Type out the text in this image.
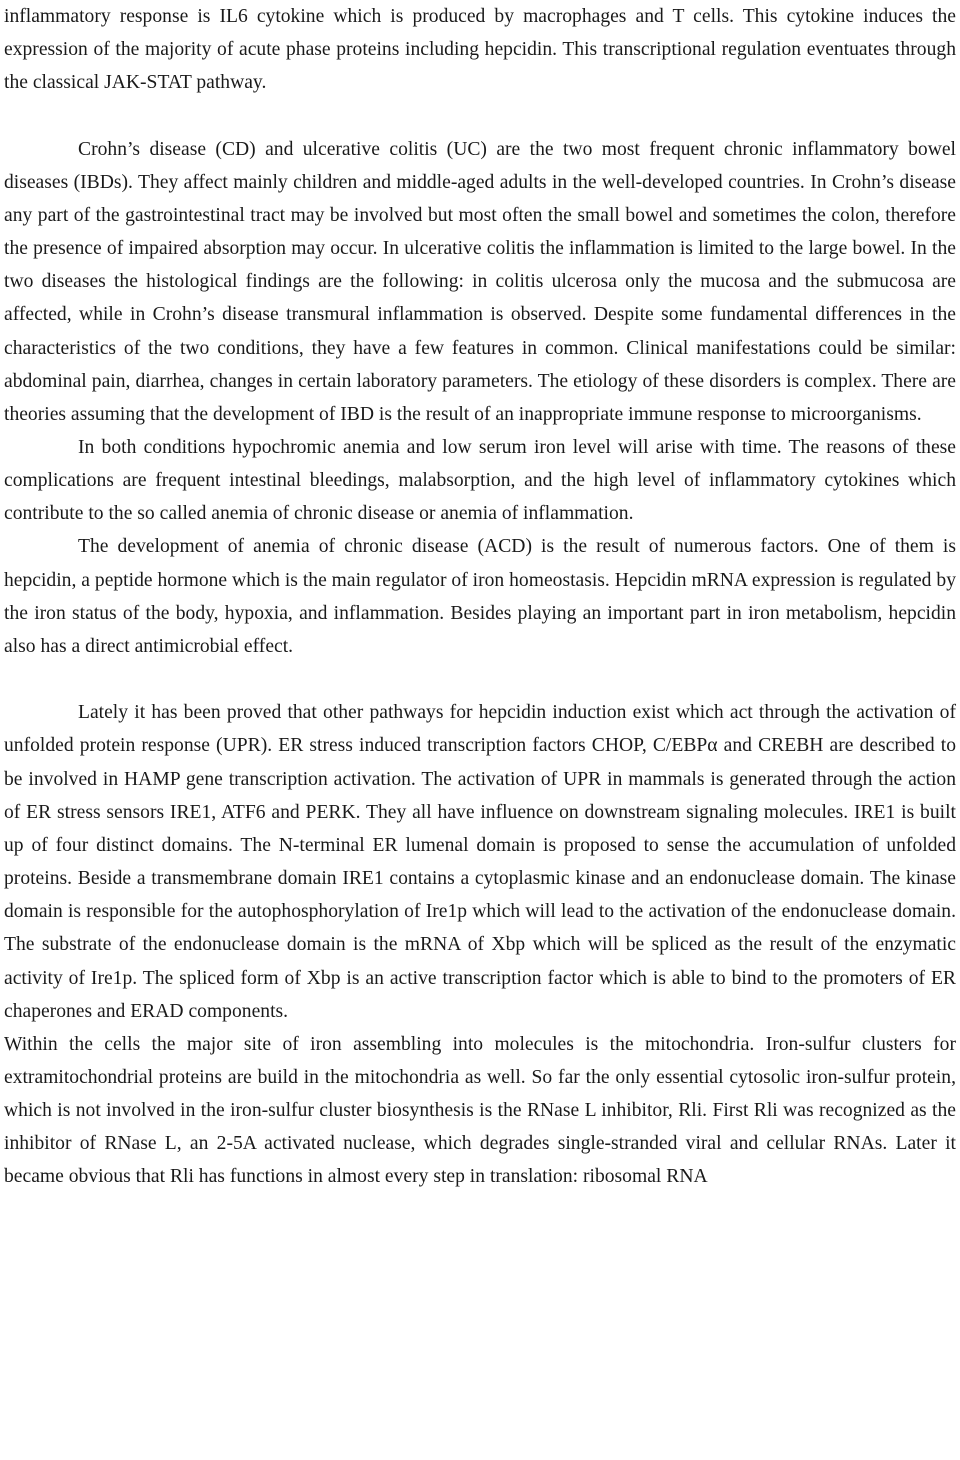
inflammatory response is IL6 cytokine which is produced by macrophages and T cells. This cytokine induces the expression of the majority of acute phase proteins including hepcidin. This transcriptional regulation eventuates through the classical JAK-STAT pathway.

Crohn’s disease (CD) and ulcerative colitis (UC) are the two most frequent chronic inflammatory bowel diseases (IBDs). They affect mainly children and middle-aged adults in the well-developed countries. In Crohn’s disease any part of the gastrointestinal tract may be involved but most often the small bowel and sometimes the colon, therefore the presence of impaired absorption may occur. In ulcerative colitis the inflammation is limited to the large bowel. In the two diseases the histological findings are the following: in colitis ulcerosa only the mucosa and the submucosa are affected, while in Crohn’s disease transmural inflammation is observed. Despite some fundamental differences in the characteristics of the two conditions, they have a few features in common. Clinical manifestations could be similar: abdominal pain, diarrhea, changes in certain laboratory parameters. The etiology of these disorders is complex. There are theories assuming that the development of IBD is the result of an inappropriate immune response to microorganisms.

In both conditions hypochromic anemia and low serum iron level will arise with time. The reasons of these complications are frequent intestinal bleedings, malabsorption, and the high level of inflammatory cytokines which contribute to the so called anemia of chronic disease or anemia of inflammation.

The development of anemia of chronic disease (ACD) is the result of numerous factors. One of them is hepcidin, a peptide hormone which is the main regulator of iron homeostasis. Hepcidin mRNA expression is regulated by the iron status of the body, hypoxia, and inflammation. Besides playing an important part in iron metabolism, hepcidin also has a direct antimicrobial effect.

Lately it has been proved that other pathways for hepcidin induction exist which act through the activation of unfolded protein response (UPR). ER stress induced transcription factors CHOP, C/EBPα and CREBH are described to be involved in HAMP gene transcription activation. The activation of UPR in mammals is generated through the action of ER stress sensors IRE1, ATF6 and PERK. They all have influence on downstream signaling molecules. IRE1 is built up of four distinct domains. The N-terminal ER lumenal domain is proposed to sense the accumulation of unfolded proteins. Beside a transmembrane domain IRE1 contains a cytoplasmic kinase and an endonuclease domain. The kinase domain is responsible for the autophosphorylation of Ire1p which will lead to the activation of the endonuclease domain. The substrate of the endonuclease domain is the mRNA of Xbp which will be spliced as the result of the enzymatic activity of Ire1p. The spliced form of Xbp is an active transcription factor which is able to bind to the promoters of ER chaperones and ERAD components.

Within the cells the major site of iron assembling into molecules is the mitochondria. Iron-sulfur clusters for extramitochondrial proteins are build in the mitochondria as well. So far the only essential cytosolic iron-sulfur protein, which is not involved in the iron-sulfur cluster biosynthesis is the RNase L inhibitor, Rli. First Rli was recognized as the inhibitor of RNase L, an 2-5A activated nuclease, which degrades single-stranded viral and cellular RNAs. Later it became obvious that Rli has functions in almost every step in translation: ribosomal RNA
